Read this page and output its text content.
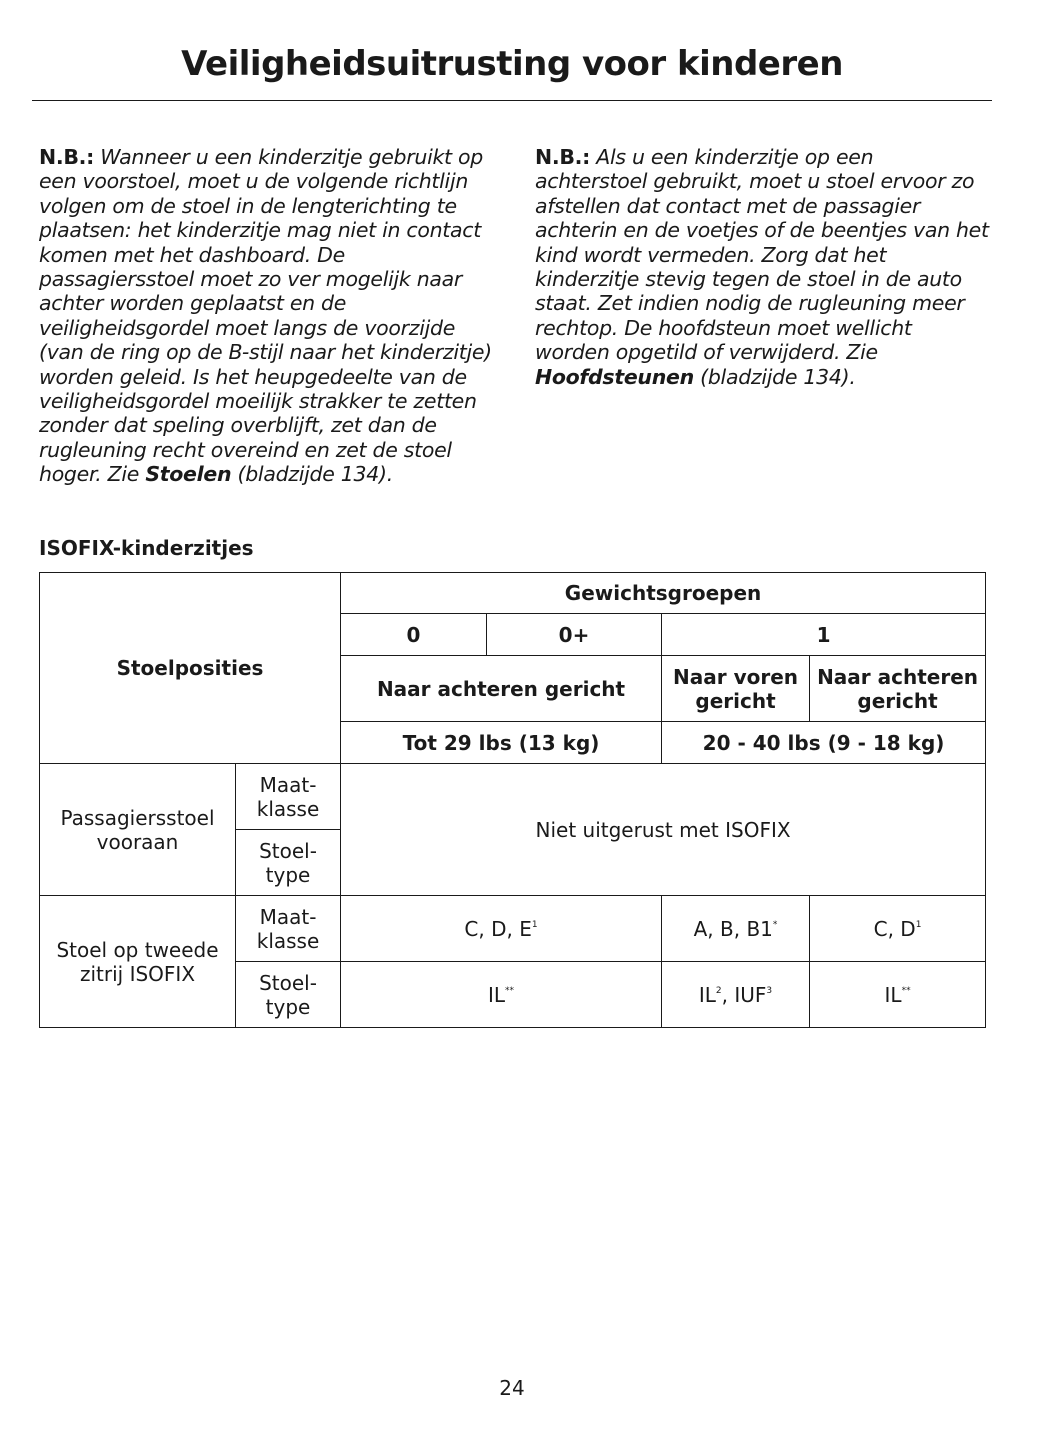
Veiligheidsuitrusting voor kinderen

N.B.: Wanneer u een kinderzitje gebruikt op een voorstoel, moet u de volgende richtlijn volgen om de stoel in de lengterichting te plaatsen: het kinderzitje mag niet in contact komen met het dashboard. De passagiersstoel moet zo ver mogelijk naar achter worden geplaatst en de veiligheidsgordel moet langs de voorzijde (van de ring op de B-stijl naar het kinderzitje) worden geleid. Is het heupgedeelte van de veiligheidsgordel moeilijk strakker te zetten zonder dat speling overblijft, zet dan de rugleuning recht overeind en zet de stoel hoger. Zie Stoelen (bladzijde 134).

N.B.: Als u een kinderzitje op een achterstoel gebruikt, moet u stoel ervoor zo afstellen dat contact met de passagier achterin en de voetjes of de beentjes van het kind wordt vermeden. Zorg dat het kinderzitje stevig tegen de stoel in de auto staat. Zet indien nodig de rugleuning meer rechtop. De hoofdsteun moet wellicht worden opgetild of verwijderd. Zie Hoofdsteunen (bladzijde 134).

ISOFIX-kinderzitjes
Stoelposities		Gewichtsgroepen			
		0	0+	1	
		Naar achteren gericht		Naar voren gericht	Naar achteren gericht
		Tot 29 lbs (13 kg)		20 - 40 lbs (9 - 18 kg)	
Passagiersstoel vooraan	Maat-klasse	Niet uitgerust met ISOFIX			
	Stoel-type				
Stoel op tweede zitrij ISOFIX	Maat-klasse	C, D, $E^1$		A, B, B1*	C, $D^1$
	Stoel-type	IL**		$IL^2$, IUF$^3$	IL**
24
